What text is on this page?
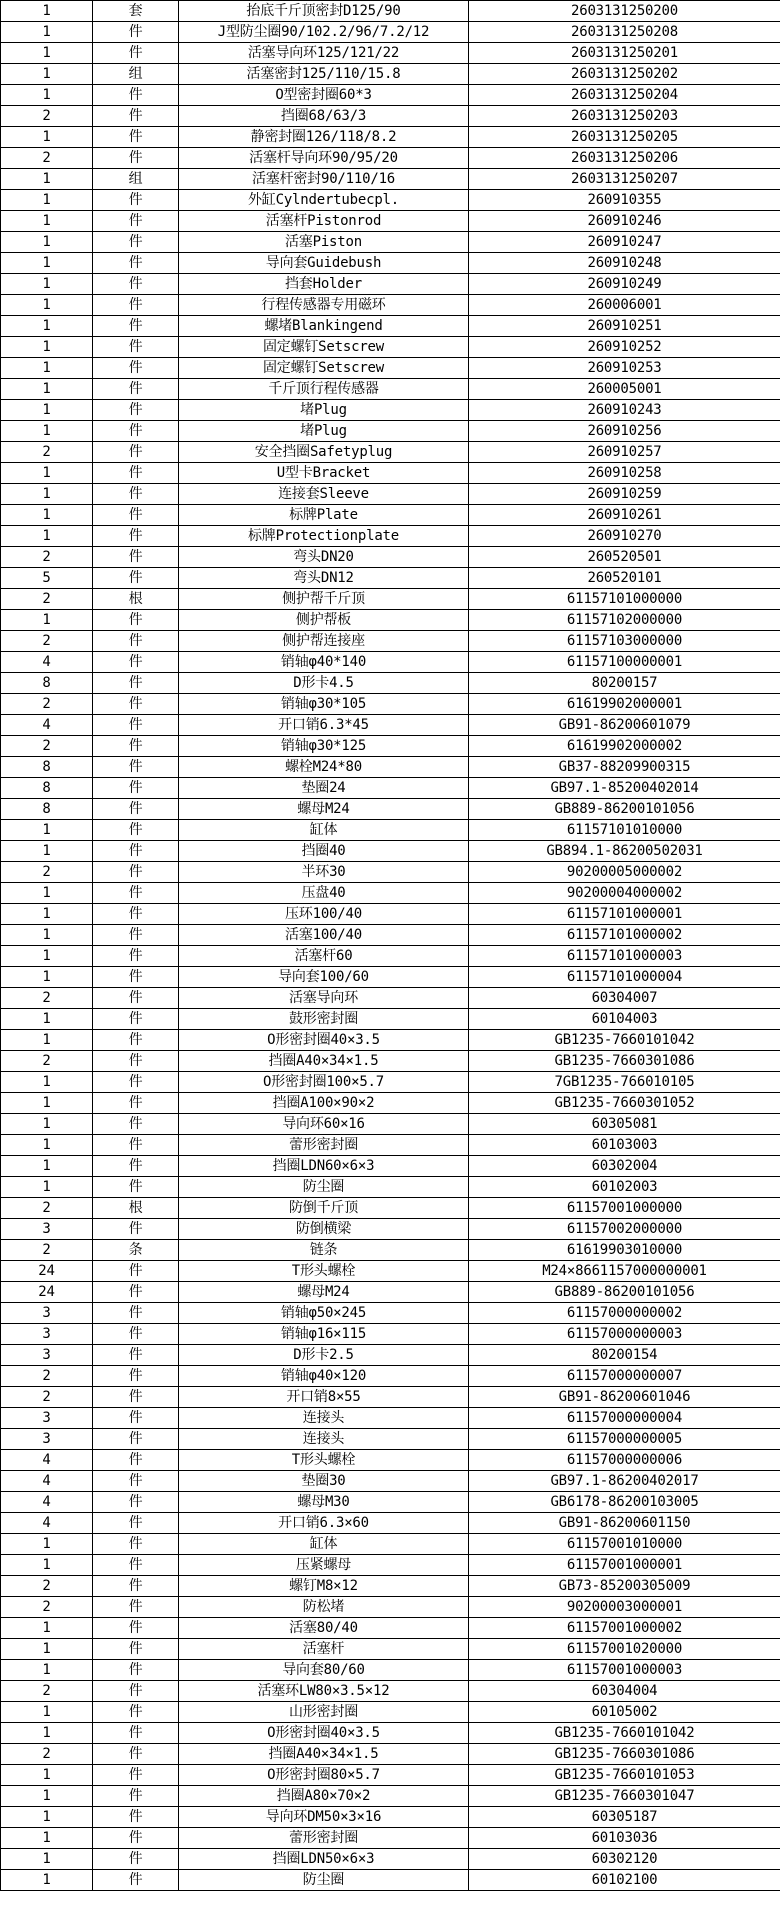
1	套	抬底千斤顶密封D125/90	2603131250200
1	件	J型防尘圈90/102.2/96/7.2/12	2603131250208
1	件	活塞导向环125/121/22	2603131250201
1	组	活塞密封125/110/15.8	2603131250202
1	件	O型密封圈60*3	2603131250204
2	件	挡圈68/63/3	2603131250203
1	件	静密封圈126/118/8.2	2603131250205
2	件	活塞杆导向环90/95/20	2603131250206
1	组	活塞杆密封90/110/16	2603131250207
1	件	外缸Cylndertubecpl.	260910355
1	件	活塞杆Pistonrod	260910246
1	件	活塞Piston	260910247
1	件	导向套Guidebush	260910248
1	件	挡套Holder	260910249
1	件	行程传感器专用磁环	260006001
1	件	螺堵Blankingend	260910251
1	件	固定螺钉Setscrew	260910252
1	件	固定螺钉Setscrew	260910253
1	件	千斤顶行程传感器	260005001
1	件	堵Plug	260910243
1	件	堵Plug	260910256
2	件	安全挡圈Safetyplug	260910257
1	件	U型卡Bracket	260910258
1	件	连接套Sleeve	260910259
1	件	标牌Plate	260910261
1	件	标牌Protectionplate	260910270
2	件	弯头DN20	260520501
5	件	弯头DN12	260520101
2	根	侧护帮千斤顶	61157101000000
1	件	侧护帮板	61157102000000
2	件	侧护帮连接座	61157103000000
4	件	销轴φ40*140	61157100000001
8	件	D形卡4.5	80200157
2	件	销轴φ30*105	61619902000001
4	件	开口销6.3*45	GB91-86200601079
2	件	销轴φ30*125	61619902000002
8	件	螺栓M24*80	GB37-88209900315
8	件	垫圈24	GB97.1-85200402014
8	件	螺母M24	GB889-86200101056
1	件	缸体	61157101010000
1	件	挡圈40	GB894.1-86200502031
2	件	半环30	90200005000002
1	件	压盘40	90200004000002
1	件	压环100/40	61157101000001
1	件	活塞100/40	61157101000002
1	件	活塞杆60	61157101000003
1	件	导向套100/60	61157101000004
2	件	活塞导向环	60304007
1	件	鼓形密封圈	60104003
1	件	O形密封圈40×3.5	GB1235-7660101042
2	件	挡圈A40×34×1.5	GB1235-7660301086
1	件	O形密封圈100×5.7	7GB1235-766010105
1	件	挡圈A100×90×2	GB1235-7660301052
1	件	导向环60×16	60305081
1	件	蕾形密封圈	60103003
1	件	挡圈LDN60×6×3	60302004
1	件	防尘圈	60102003
2	根	防倒千斤顶	61157001000000
3	件	防倒横梁	61157002000000
2	条	链条	61619903010000
24	件	T形头螺栓	M24×8661157000000001
24	件	螺母M24	GB889-86200101056
3	件	销轴φ50×245	61157000000002
3	件	销轴φ16×115	61157000000003
3	件	D形卡2.5	80200154
2	件	销轴φ40×120	61157000000007
2	件	开口销8×55	GB91-86200601046
3	件	连接头	61157000000004
3	件	连接头	61157000000005
4	件	T形头螺栓	61157000000006
4	件	垫圈30	GB97.1-86200402017
4	件	螺母M30	GB6178-86200103005
4	件	开口销6.3×60	GB91-86200601150
1	件	缸体	61157001010000
1	件	压紧螺母	61157001000001
2	件	螺钉M8×12	GB73-85200305009
2	件	防松堵	90200003000001
1	件	活塞80/40	61157001000002
1	件	活塞杆	61157001020000
1	件	导向套80/60	61157001000003
2	件	活塞环LW80×3.5×12	60304004
1	件	山形密封圈	60105002
1	件	O形密封圈40×3.5	GB1235-7660101042
2	件	挡圈A40×34×1.5	GB1235-7660301086
1	件	O形密封圈80×5.7	GB1235-7660101053
1	件	挡圈A80×70×2	GB1235-7660301047
1	件	导向环DM50×3×16	60305187
1	件	蕾形密封圈	60103036
1	件	挡圈LDN50×6×3	60302120
1	件	防尘圈	60102100
